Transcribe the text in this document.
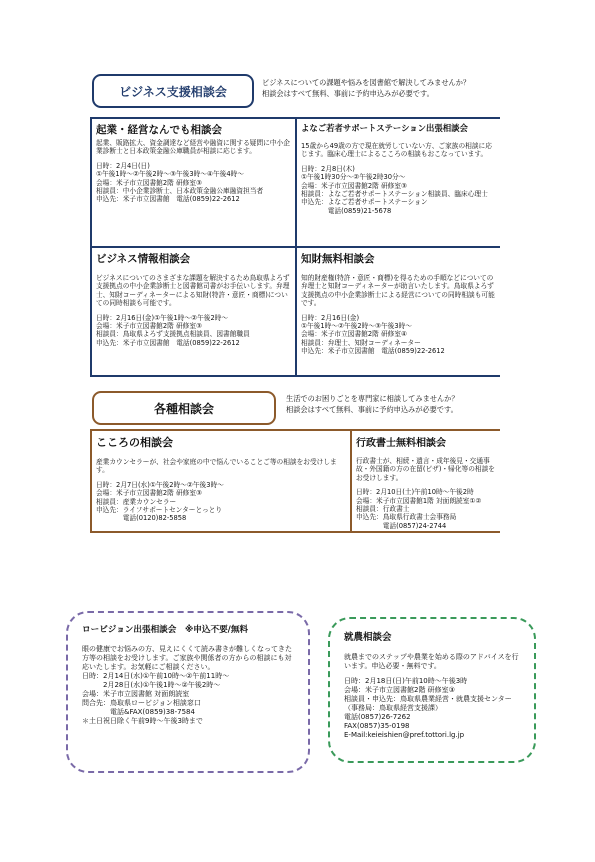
ビジネス支援相談会
ビジネスについての課題や悩みを図書館で解決してみませんか？
相談会はすべて無料、事前に予約申込みが必要です。
起業・経営なんでも相談会
起業、販路拡大、資金調達など経営や融資に関する疑問に中小企業診断士と日本政策金融公庫職員が相談に応じます。
日時：2月4日(日)
①午後1時～②午後2時～③午後3時～④午後4時～
会場：米子市立図書館2階 研修室③
相談員：中小企業診断士、日本政策金融公庫融資担当者
申込先：米子市立図書館　電話(0859)22-2612
よなご若者サポートステーション出張相談会
15歳から49歳の方で現在就労していない方、ご家族の相談に応じます。臨床心理士によるこころの相談もおこなっています。
日時：2月8日(木)
①午後1時30分～②午後2時30分～
会場：米子市立図書館2階 研修室③
相談員：よなご若者サポートステーション相談員、臨床心理士
申込先：よなご若者サポートステーション
　　　　電話(0859)21-5678
ビジネス情報相談会
ビジネスについてのさまざまな課題を解決するため鳥取県よろず支援拠点の中小企業診断士と図書館司書がお手伝いします。弁理士、知財コーディネーターによる知財(特許・意匠・商標)についての同時相談も可能です。
日時：2月16日(金)①午後1時～②午後2時～
会場：米子市立図書館2階 研修室③
相談員：鳥取県よろず支援拠点相談員、図書館職員
申込先：米子市立図書館　電話(0859)22-2612
知財無料相談会
知的財産権(特許・意匠・商標)を得るための手順などについての弁理士と知財コーディネーターが助言いたします。鳥取県よろず支援拠点の中小企業診断士による経営についての同時相談も可能です。
日時：2月16日(金)
①午後1時～②午後2時～③午後3時～
会場：米子市立図書館2階 研修室④
相談員：弁理士、知財コーディネーター
申込先：米子市立図書館　電話(0859)22-2612
各種相談会
生活でのお困りごとを専門家に相談してみませんか？
相談会はすべて無料、事前に予約申込みが必要です。
こころの相談会
産業カウンセラーが、社会や家庭の中で悩んでいることご等の相談をお受けします。
日時：2月7日(水)①午後2時～②午後3時～
会場：米子市立図書館2階 研修室③
相談員：産業カウンセラー
申込先：ライフサポートセンターとっとり
　　　　電話(0120)82-5858
行政書士無料相談会
行政書士が、相続・遺言・成年後見・交通事故・外国籍の方の在留(ビザ)・帰化等の相談をお受けします。
日時：2月10日(土)午前10時～午後2時
会場：米子市立図書館1階 対面朗読室①②
相談員：行政書士
申込先：鳥取県行政書士会事務局
　　　　電話(0857)24-2744
ロービジョン出張相談会　※申込不要/無料
眼の健康でお悩みの方、見えにくくて読み書きが難しくなってきた方等の相談をお受けします。ご家族や関係者の方からの相談にも対応いたします。お気軽にご相談ください。
日時：2月14日(水)①午前10時～②午前11時～
　　　2月28日(水)①午後1時～②午後2時～
会場：米子市立図書館 対面朗読室
問合先：鳥取県ロービジョン相談窓口
　　　　電話&FAX(0859)38-7584
＊土日祝日除く午前9時～午後3時まで
就農相談会
就農までのステップや農業を始める際のアドバイスを行います。申込必要・無料です。
日時：2月18日(日)午前10時～午後3時
会場：米子市立図書館2階 研修室③
相談員・申込先：鳥取県農業経営・就農支援センター
（事務局：鳥取県経営支援課）
電話(0857)26-7262
FAX(0857)35-0198
E-Mail:keieishien@pref.tottori.lg.jp
